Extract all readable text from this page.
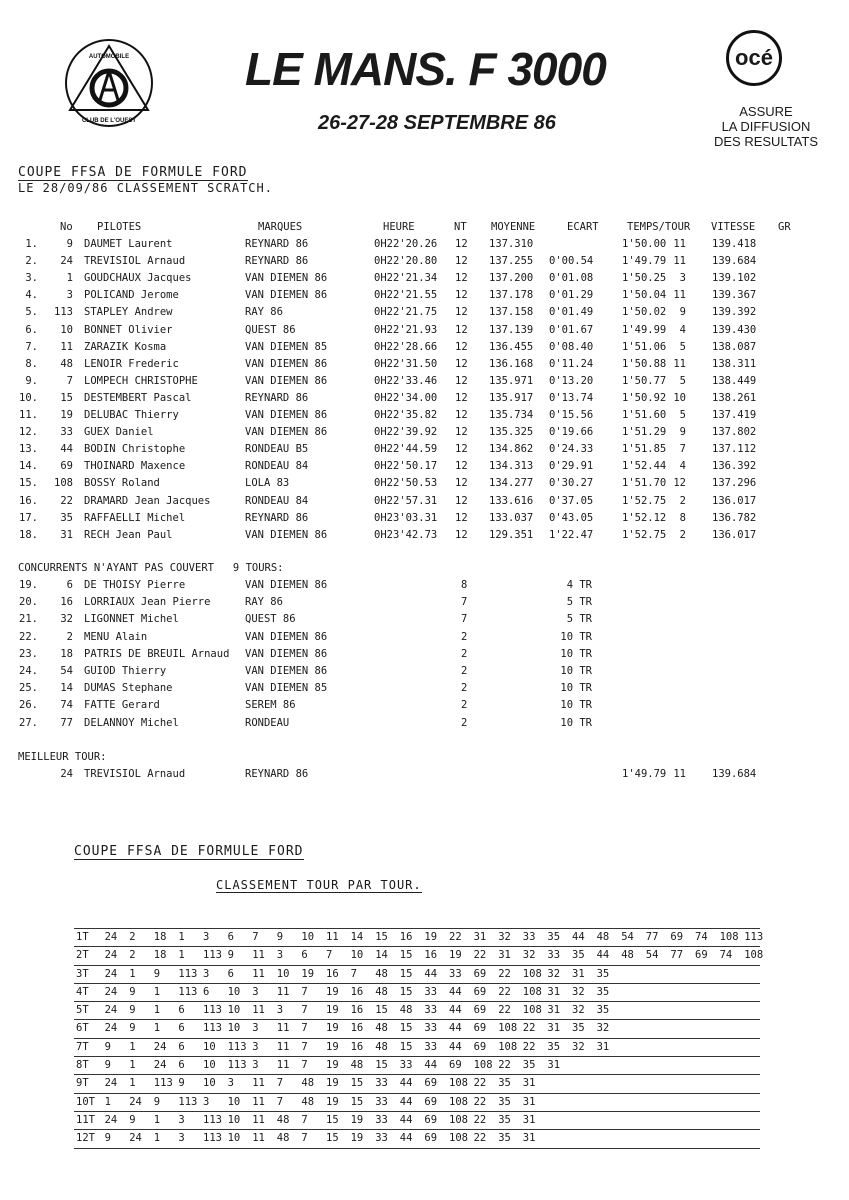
AUTOMOBILE
CLUB DE L'OUEST
LE MANS. F 3000
26-27-28 SEPTEMBRE 86
océ
ASSURE
LA DIFFUSION
DES RESULTATS
COUPE FFSA DE FORMULE FORD
LE 28/09/86 CLASSEMENT SCRATCH.
No PILOTES	MARQUES	HEURE	NT MOYENNE	ECART	TEMPS/TOUR VITESSE GR
1.	9 DAUMET Laurent	REYNARD 86	0H22'20.26 12 137.310	1'50.00 11 139.418
2. 24 TREVISIOL Arnaud	REYNARD 86	0H22'20.80 12 137.255 0'00.54	1'49.79 11 139.684
3.	1 GOUDCHAUX Jacques	VAN DIEMEN 86	0H22'21.34 12 137.200 0'01.08	1'50.25 3 139.102
4.	3 POLICAND Jerome	VAN DIEMEN 86	0H22'21.55 12 137.178 0'01.29	1'50.04 11 139.367
5. 113 STAPLEY Andrew	RAY 86	0H22'21.75 12 137.158 0'01.49	1'50.02 9 139.392
6. 10 BONNET Olivier	QUEST 86	0H22'21.93 12 137.139 0'01.67	1'49.99 4 139.430
7. 11 ZARAZIK Kosma	VAN DIEMEN 85	0H22'28.66 12 136.455 0'08.40	1'51.06 5 138.087
8. 48 LENOIR Frederic	VAN DIEMEN 86	0H22'31.50 12 136.168 0'11.24	1'50.88 11 138.311
9.	7 LOMPECH CHRISTOPHE	VAN DIEMEN 86	0H22'33.46 12 135.971 0'13.20	1'50.77 5 138.449
10. 15 DESTEMBERT Pascal	REYNARD 86	0H22'34.00 12 135.917 0'13.74	1'50.92 10 138.261
11. 19 DELUBAC Thierry	VAN DIEMEN 86	0H22'35.82 12 135.734 0'15.56	1'51.60 5 137.419
12. 33 GUEX Daniel	VAN DIEMEN 86	0H22'39.92 12 135.325 0'19.66	1'51.29 9 137.802
13. 44 BODIN Christophe	RONDEAU B5	0H22'44.59 12 134.862 0'24.33	1'51.85 7 137.112
14. 69 THOINARD Maxence	RONDEAU 84	0H22'50.17 12 134.313 0'29.91	1'52.44 4 136.392
15. 108 BOSSY Roland	LOLA 83	0H22'50.53 12 134.277 0'30.27	1'51.70 12 137.296
16. 22 DRAMARD Jean Jacques	RONDEAU 84	0H22'57.31 12 133.616 0'37.05	1'52.75 2 136.017
17. 35 RAFFAELLI Michel	REYNARD 86	0H23'03.31 12 133.037 0'43.05	1'52.12 8 136.782
18. 31 RECH Jean Paul	VAN DIEMEN 86	0H23'42.73 12 129.351 1'22.47	1'52.75 2 136.017
CONCURRENTS N'AYANT PAS COUVERT   9 TOURS:
19.	6 DE THOISY Pierre	VAN DIEMEN 86	8	4 TR
20. 16 LORRIAUX Jean Pierre	RAY 86	7	5 TR
21. 32 LIGONNET Michel	QUEST 86	7	5 TR
22.	2 MENU Alain	VAN DIEMEN 86	2	10 TR
23. 18 PATRIS DE BREUIL Arnaud VAN DIEMEN 86	2	10 TR
24. 54 GUIOD Thierry	VAN DIEMEN 86	2	10 TR
25. 14 DUMAS Stephane	VAN DIEMEN 85	2	10 TR
26. 74 FATTE Gerard	SEREM 86	2	10 TR
27. 77 DELANNOY Michel	RONDEAU	2	10 TR
MEILLEUR TOUR:
24 TREVISIOL Arnaud	REYNARD 86	1'49.79 11 139.684
COUPE FFSA DE FORMULE FORD
CLASSEMENT TOUR PAR TOUR.
1T 24 2 18 1 3 6 7 9 10 11 14 15 16 19 22 31 32 33 35 44 48 54 77 69 74 108 113
2T 24 2 18 1 113 9 11 3 6 7 10 14 15 16 19 22 31 32 33 35 44 48 54 77 69 74 108
3T 24 1 9 113 3 6 11 10 19 16 7 48 15 44 33 69 22 108 32 31 35
4T 24 9 1 113 6 10 3 11 7 19 16 48 15 33 44 69 22 108 31 32 35
5T 24 9 1 6 113 10 11 3 7 19 16 15 48 33 44 69 22 108 31 32 35
6T 24 9 1 6 113 10 3 11 7 19 16 48 15 33 44 69 108 22 31 35 32
7T 9 1 24 6 10 113 3 11 7 19 16 48 15 33 44 69 108 22 35 32 31
8T 9 1 24 6 10 113 3 11 7 19 48 15 33 44 69 108 22 35 31
9T 24 1 113 9 10 3 11 7 48 19 15 33 44 69 108 22 35 31
10T 1 24 9 113 3 10 11 7 48 19 15 33 44 69 108 22 35 31
11T 24 9 1 3 113 10 11 48 7 15 19 33 44 69 108 22 35 31
12T 9 24 1 3 113 10 11 48 7 15 19 33 44 69 108 22 35 31
